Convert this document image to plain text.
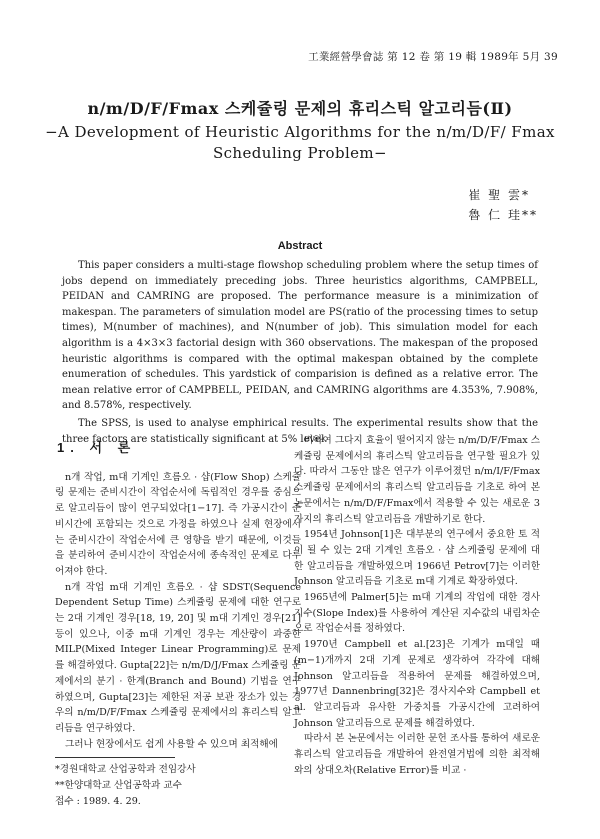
工業經營學會誌 第 12 卷 第 19 輯 1989年 5月 39
n/m/D/F/Fmax 스케쥴링 문제의 휴리스틱 알고리듬(Ⅱ)
−A Development of Heuristic Algorithms for the n/m/D/F/ Fmax Scheduling Problem−
崔 聖 雲*
魯 仁 珪**
Abstract

This paper considers a multi-stage flowshop scheduling problem where the setup times of jobs depend on immediately preceding jobs. Three heuristics algorithms, CAMPBELL, PEIDAN and CAMRING are proposed. The performance measure is a minimization of makespan. The parameters of simulation model are PS(ratio of the processing times to setup times), M(number of machines), and N(number of job). This simulation model for each algorithm is a 4×3×3 factorial design with 360 observations. The makespan of the proposed heuristic algorithms is compared with the optimal makespan obtained by the complete enumeration of schedules. This yardstick of comparision is defined as a relative error. The mean relative error of CAMPBELL, PEIDAN, and CAMRING algorithms are 4.353%, 7.908%, and 8.578%, respectively.

The SPSS, is used to analyse emphirical results. The experimental results show that the three factors are statistically significant at 5% level.

1. 서 론

n개 작업, m대 기계인 흐름오 · 샵(Flow Shop) 스케쥴링 문제는 준비시간이 작업순서에 독립적인 경우를 중심으로 알고리듬이 많이 연구되었다[1−17]. 즉 가공시간이 준비시간에 포함되는 것으로 가정을 하였으나 실제 현장에서는 준비시간이 작업순서에 큰 영향을 받기 때문에, 이것들을 분리하여 준비시간이 작업순서에 종속적인 문제로 다루어져야 한다.

n개 작업 m대 기계인 흐름오 · 샵 SDST(Sequence Dependent Setup Time) 스케쥴링 문제에 대한 연구로는 2대 기계인 경우[18, 19, 20] 및 m대 기계인 경우[21]등이 있으나, 이중 m대 기계인 경우는 계산량이 과중한 MILP(Mixed Integer Linear Programming)로 문제를 해결하였다. Gupta[22]는 n/m/D/J/Fmax 스케쥴링 문제에서의 분기 · 한계(Branch and Bound) 기법을 연구하였으며, Gupta[23]는 제한된 저공 보관 장소가 있는 경우의 n/m/D/F/Fmax 스케쥴링 문제에서의 휴리스틱 알고리듬을 연구하였다.

그러나 현장에서도 쉽게 사용할 수 있으며 최적해에

비하여 그다지 효율이 떨어지지 않는 n/m/D/F/Fmax 스케쥴링 문제에서의 휴리스틱 알고리듬을 연구할 필요가 있다. 따라서 그동안 많은 연구가 이루어졌던 n/m/I/F/Fmax 스케쥴링 문제에서의 휴리스틱 알고리듬을 기초로 하여 본 논문에서는 n/m/D/F/Fmax에서 적용할 수 있는 새로운 3가지의 휴리스틱 알고리듬을 개발하기로 한다.

1954년 Johnson[1]은 대부분의 연구에서 중요한 토 적이 될 수 있는 2대 기계인 흐름오 · 샵 스케쥴링 문제에 대한 알고리듬을 개발하였으며 1966년 Petrov[7]는 이러한 Johnson 알고리듬을 기초로 m대 기계로 확장하였다.

1965년에 Palmer[5]는 m대 기계의 작업에 대한 경사지수(Slope Index)를 사용하여 계산된 지수값의 내림차순으로 작업순서를 정하였다.

1970년 Campbell et al.[23]은 기계가 m대일 때(m−1)개까지 2대 기계 문제로 생각하여 각각에 대해 Johnson 알고리듬을 적용하여 문제를 해결하였으며, 1977년 Dannenbring[32]은 경사지수와 Campbell et al. 알고리듬과 유사한 가중치를 가공시간에 고려하여 Johnson 알고리듬으로 문제를 해결하였다.

따라서 본 논문에서는 이러한 문헌 조사를 통하여 새로운 휴리스틱 알고리듬을 개발하여 완전열거법에 의한 최적해와의 상대오차(Relative Error)를 비교 ·

*경원대학교 산업공학과 전임강사
**한양대학교 산업공학과 교수
접수 : 1989. 4. 29.
